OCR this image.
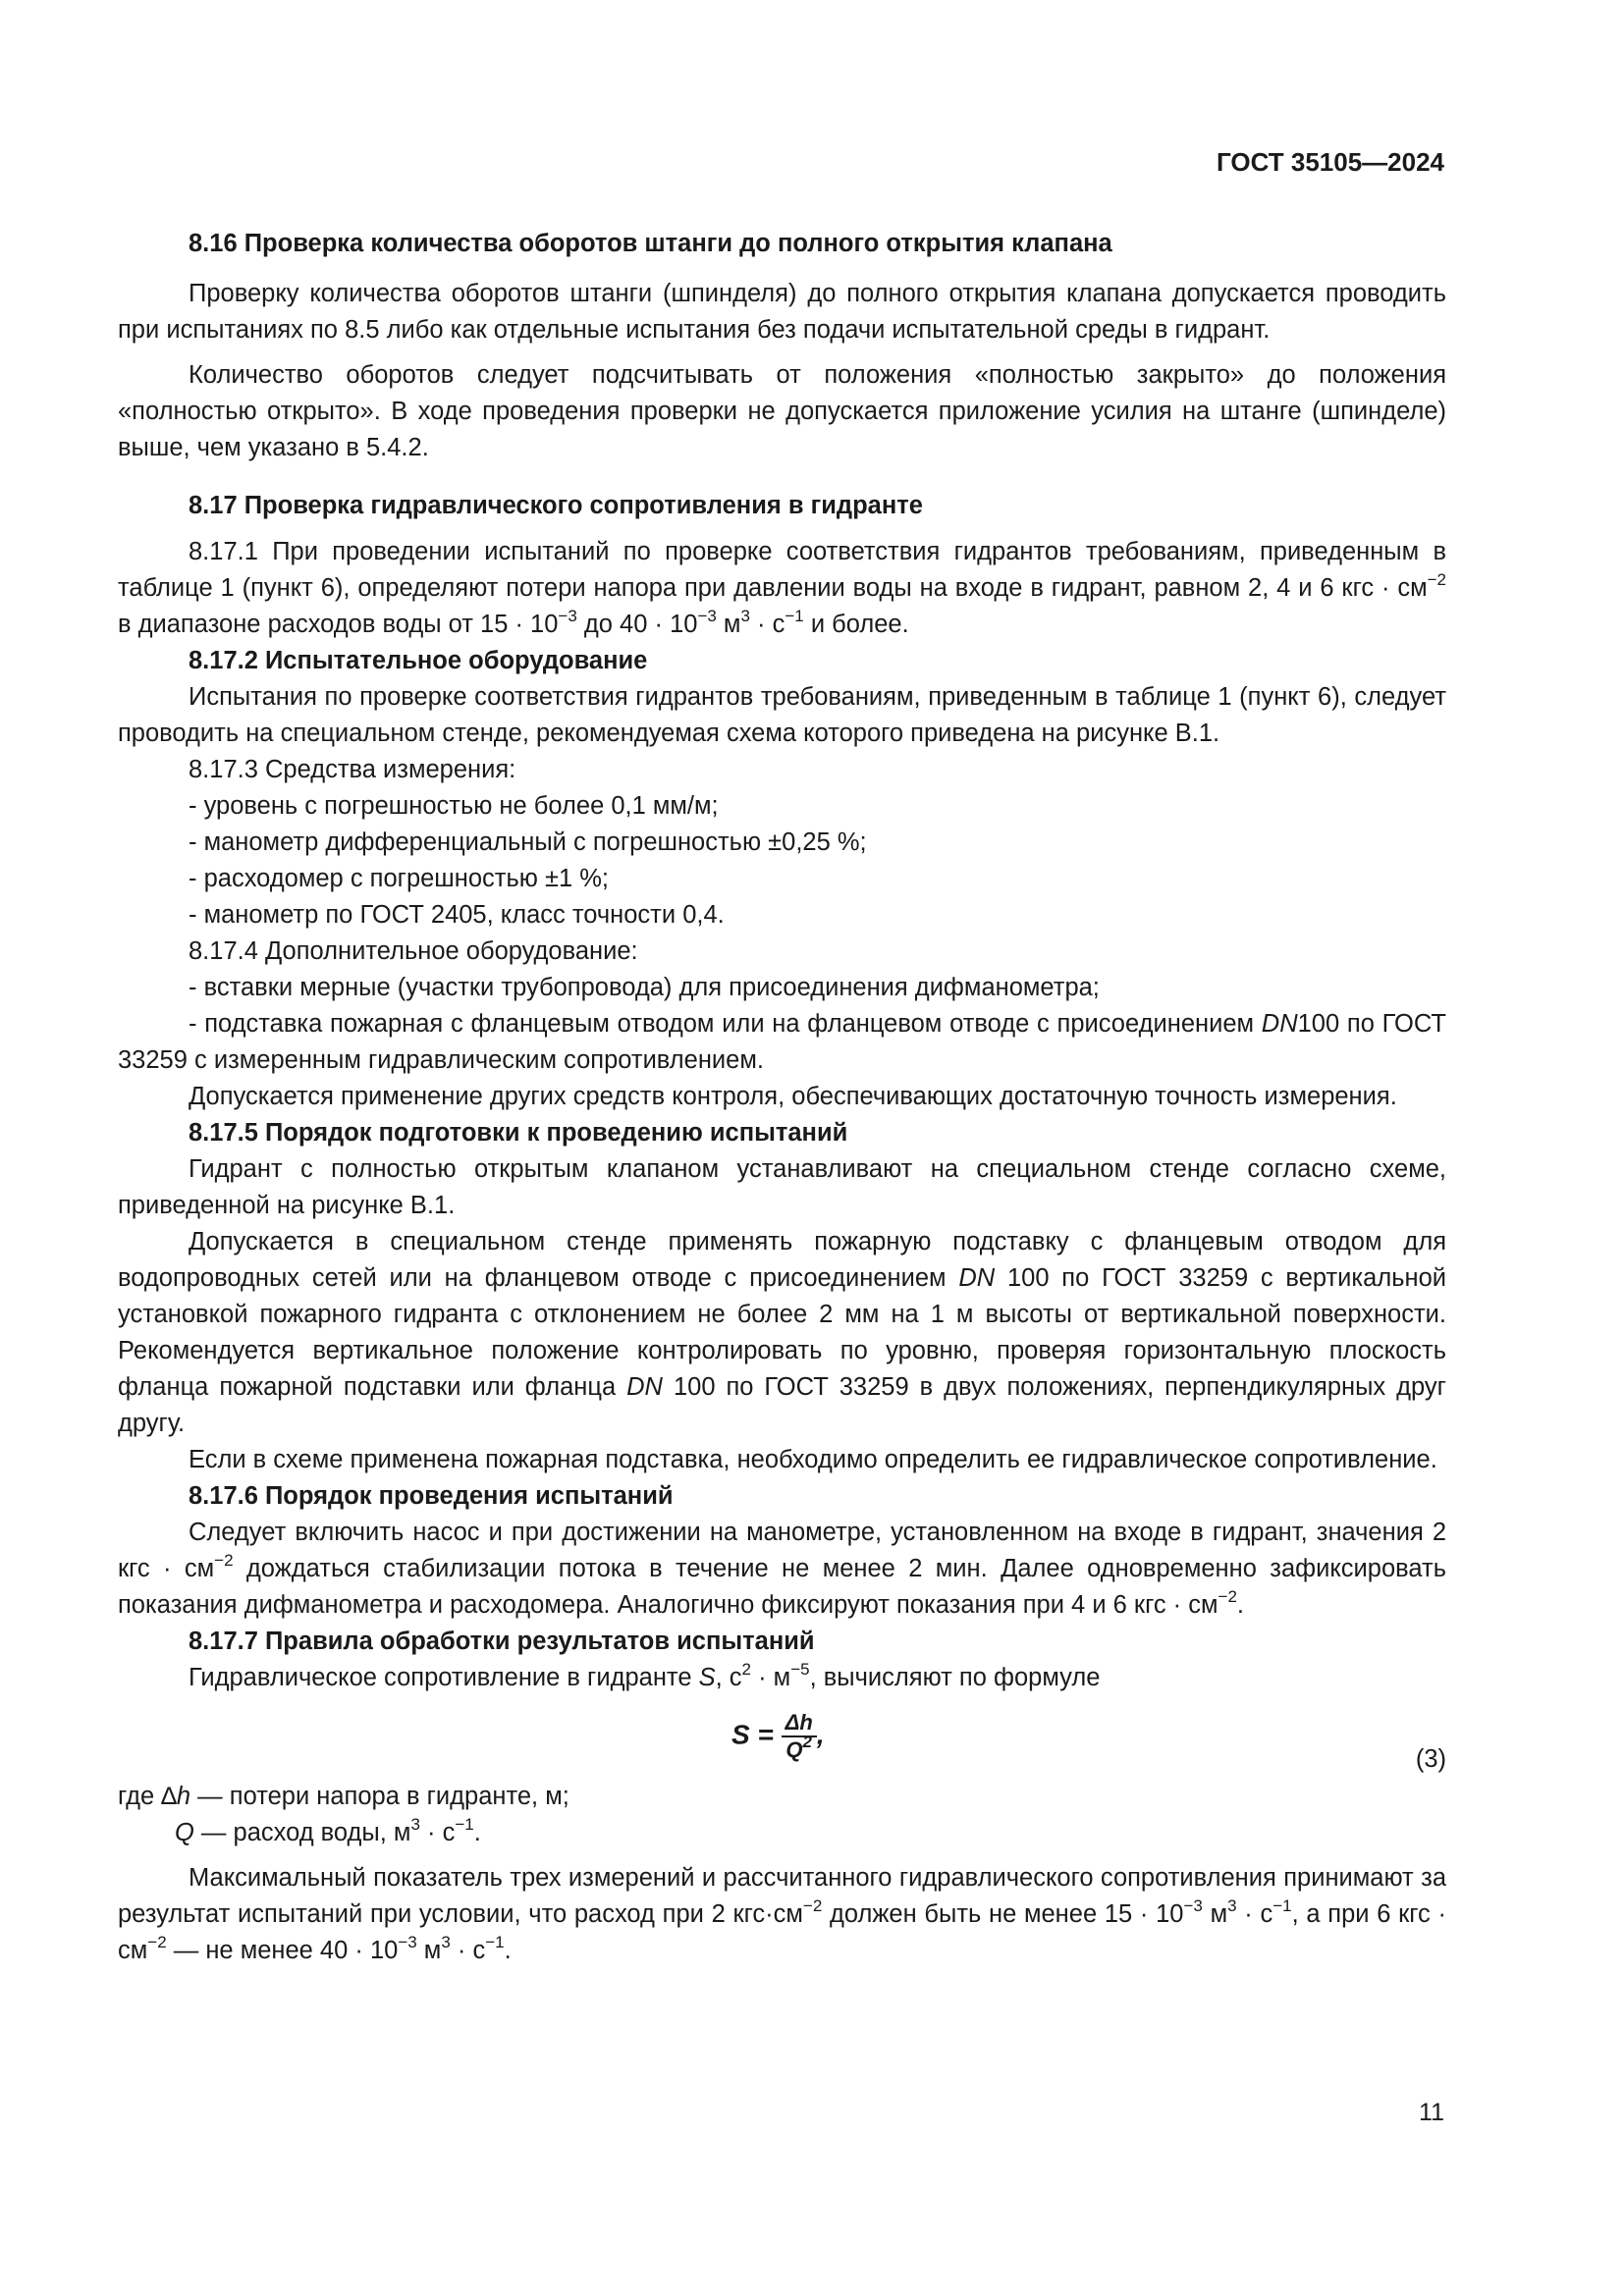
ГОСТ 35105—2024
8.16 Проверка количества оборотов штанги до полного открытия клапана

Проверку количества оборотов штанги (шпинделя) до полного открытия клапана допускается проводить при испытаниях по 8.5 либо как отдельные испытания без подачи испытательной среды в гидрант.

Количество оборотов следует подсчитывать от положения «полностью закрыто» до положения «полностью открыто». В ходе проведения проверки не допускается приложение усилия на штанге (шпинделе) выше, чем указано в 5.4.2.

8.17 Проверка гидравлического сопротивления в гидранте

8.17.1 При проведении испытаний по проверке соответствия гидрантов требованиям, приведенным в таблице 1 (пункт 6), определяют потери напора при давлении воды на входе в гидрант, равном 2, 4 и 6 кгс · $см^{-2}$ в диапазоне расходов воды от $15 \cdot 10^{-3}$ до $40 \cdot 10^{-3}$ $м^3 \cdot с^{-1}$ и более.

8.17.2 Испытательное оборудование

Испытания по проверке соответствия гидрантов требованиям, приведенным в таблице 1 (пункт 6), следует проводить на специальном стенде, рекомендуемая схема которого приведена на рисунке В.1.

8.17.3 Средства измерения:
- уровень с погрешностью не более 0,1 мм/м;
- манометр дифференциальный с погрешностью ±0,25 %;
- расходомер с погрешностью ±1 %;
- манометр по ГОСТ 2405, класс точности 0,4.
8.17.4 Дополнительное оборудование:
- вставки мерные (участки трубопровода) для присоединения дифманометра;
- подставка пожарная с фланцевым отводом или на фланцевом отводе с присоединением DN100 по ГОСТ 33259 с измеренным гидравлическим сопротивлением.

Допускается применение других средств контроля, обеспечивающих достаточную точность измерения.

8.17.5 Порядок подготовки к проведению испытаний

Гидрант с полностью открытым клапаном устанавливают на специальном стенде согласно схеме, приведенной на рисунке В.1.

Допускается в специальном стенде применять пожарную подставку с фланцевым отводом для водопроводных сетей или на фланцевом отводе с присоединением DN 100 по ГОСТ 33259 с вертикальной установкой пожарного гидранта с отклонением не более 2 мм на 1 м высоты от вертикальной поверхности. Рекомендуется вертикальное положение контролировать по уровню, проверяя горизонтальную плоскость фланца пожарной подставки или фланца DN 100 по ГОСТ 33259 в двух положениях, перпендикулярных друг другу.

Если в схеме применена пожарная подставка, необходимо определить ее гидравлическое сопротивление.

8.17.6 Порядок проведения испытаний

Следует включить насос и при достижении на манометре, установленном на входе в гидрант, значения 2 кгс · $см^{-2}$ дождаться стабилизации потока в течение не менее 2 мин. Далее одновременно зафиксировать показания дифманометра и расходомера. Аналогично фиксируют показания при 4 и 6 кгс · $см^{-2}$.

8.17.7 Правила обработки результатов испытаний

Гидравлическое сопротивление в гидранте S, $с^2 \cdot м^{-5}$, вычисляют по формуле

$S = \frac{\Delta h}{Q^2}$ ,
(3)
где ∆h — потери напора в гидранте, м;
Q — расход воды, $м^3 \cdot с^{-1}$.

Максимальный показатель трех измерений и рассчитанного гидравлического сопротивления принимают за результат испытаний при условии, что расход при 2 $кгс\cdot см^{-2}$ должен быть не менее $15 \cdot 10^{-3}$ $м^3 \cdot с^{-1}$, а при 6 кгс · $см^{-2}$ — не менее $40 \cdot 10^{-3}$ $м^3 \cdot с^{-1}$.

11
